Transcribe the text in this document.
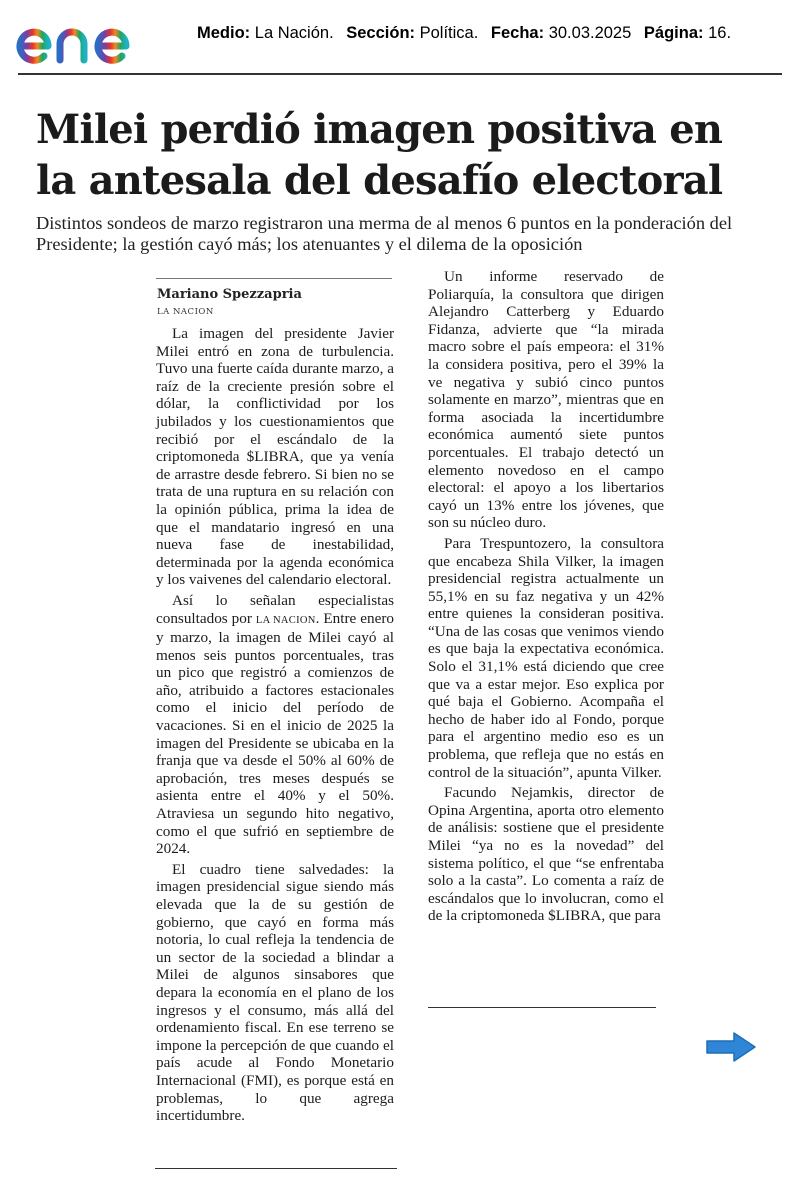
Medio: La Nación. Sección: Política. Fecha: 30.03.2025 Página: 16.
Milei perdió imagen positiva en
la antesala del desafío electoral

Distintos sondeos de marzo registraron una merma de al menos 6 puntos en la ponderación del Presidente; la gestión cayó más; los atenuantes y el dilema de la oposición

Mariano Spezzapria

LA NACION

La imagen del presidente Javier Milei entró en zona de turbulencia. Tuvo una fuerte caída durante marzo, a raíz de la creciente presión sobre el dólar, la conflictividad por los jubilados y los cuestionamientos que recibió por el escándalo de la criptomoneda $LIBRA, que ya venía de arrastre desde febrero. Si bien no se trata de una ruptura en su relación con la opinión pública, prima la idea de que el mandatario ingresó en una nueva fase de inestabilidad, determinada por la agenda económica y los vaivenes del calendario electoral.

Así lo señalan especialistas consultados por LA NACION. Entre enero y marzo, la imagen de Milei cayó al menos seis puntos porcentuales, tras un pico que registró a comienzos de año, atribuido a factores estacionales como el inicio del período de vacaciones. Si en el inicio de 2025 la imagen del Presidente se ubicaba en la franja que va desde el 50% al 60% de aprobación, tres meses después se asienta entre el 40% y el 50%. Atraviesa un segundo hito negativo, como el que sufrió en septiembre de 2024.

El cuadro tiene salvedades: la imagen presidencial sigue siendo más elevada que la de su gestión de gobierno, que cayó en forma más notoria, lo cual refleja la tendencia de un sector de la sociedad a blindar a Milei de algunos sinsabores que depara la economía en el plano de los ingresos y el consumo, más allá del ordenamiento fiscal. En ese terreno se impone la percepción de que cuando el país acude al Fondo Monetario Internacional (FMI), es porque está en problemas, lo que agrega incertidumbre.

Un informe reservado de Poliarquía, la consultora que dirigen Alejandro Catterberg y Eduardo Fidanza, advierte que “la mirada macro sobre el país empeora: el 31% la considera positiva, pero el 39% la ve negativa y subió cinco puntos solamente en marzo”, mientras que en forma asociada la incertidumbre económica aumentó siete puntos porcentuales. El trabajo detectó un elemento novedoso en el campo electoral: el apoyo a los libertarios cayó un 13% entre los jóvenes, que son su núcleo duro.

Para Trespuntozero, la consultora que encabeza Shila Vilker, la imagen presidencial registra actualmente un 55,1% en su faz negativa y un 42% entre quienes la consideran positiva. “Una de las cosas que venimos viendo es que baja la expectativa económica. Solo el 31,1% está diciendo que cree que va a estar mejor. Eso explica por qué baja el Gobierno. Acompaña el hecho de haber ido al Fondo, porque para el argentino medio eso es un problema, que refleja que no estás en control de la situación”, apunta Vilker.

Facundo Nejamkis, director de Opina Argentina, aporta otro elemento de análisis: sostiene que el presidente Milei “ya no es la novedad” del sistema político, el que “se enfrentaba solo a la casta”. Lo comenta a raíz de escándalos que lo involucran, como el de la criptomoneda $LIBRA, que para
